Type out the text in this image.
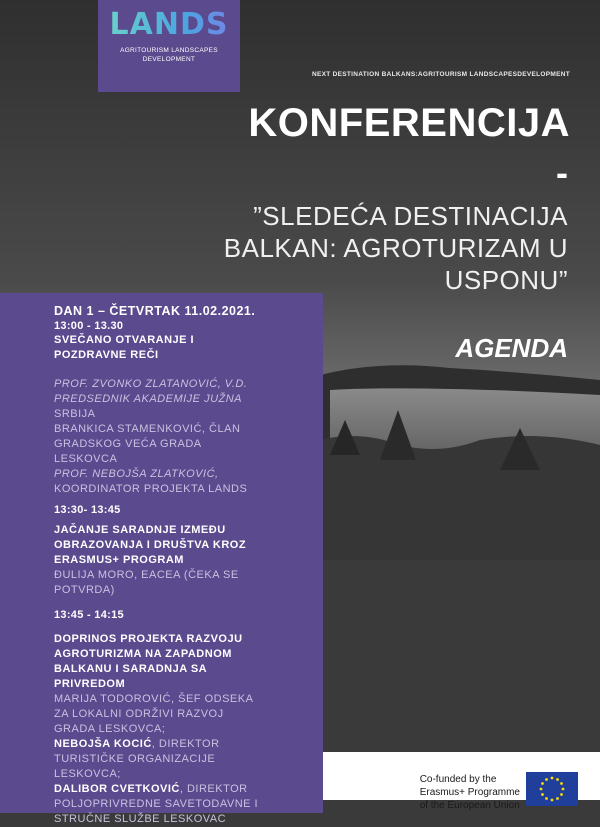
LANDS
AGRITOURISM LANDSCAPES
DEVELOPMENT
NEXT DESTINATION BALKANS:AGRITOURISM LANDSCAPESDEVELOPMENT
KONFERENCIJA
-
”SLEDEĆA DESTINACIJA
BALKAN: AGROTURIZAM U
USPONU”
AGENDA
DAN 1 – ČETVRTAK 11.02.2021.
13:00 - 13.30
SVEČANO OTVARANJE I
POZDRAVNE REČI
PROF. ZVONKO ZLATANOVIĆ, V.D.
PREDSEDNIK AKADEMIJE JUŽNA
SRBIJA
BRANKICA STAMENKOVIĆ, ČLAN
GRADSKOG VEĆA GRADA
LESKOVCA
PROF. NEBOJŠA ZLATKOVIĆ,
KOORDINATOR PROJEKTA LANDS
13:30- 13:45
JAČANJE SARADNJE IZMEĐU
OBRAZOVANJA I DRUŠTVA KROZ
ERASMUS+ PROGRAM
ĐULIJA MORO, EACEA (ČEKA SE
POTVRDA)
13:45 - 14:15
DOPRINOS PROJEKTA RAZVOJU
AGROTURIZMA NA ZAPADNOM
BALKANU I SARADNJA SA
PRIVREDOM
MARIJA TODOROVIĆ, ŠEF ODSEKA
ZA LOKALNI ODRŽIVI RAZVOJ
GRADA LESKOVCA;
NEBOJŠA KOCIĆ, DIREKTOR
TURISTIČKE ORGANIZACIJE
LESKOVCA;
DALIBOR CVETKOVIĆ, DIREKTOR
POLJOPRIVREDNE SAVETODAVNE I
STRUČNE SLUŽBE LESKOVAC
Co-funded by the
Erasmus+ Programme
of the European Union
